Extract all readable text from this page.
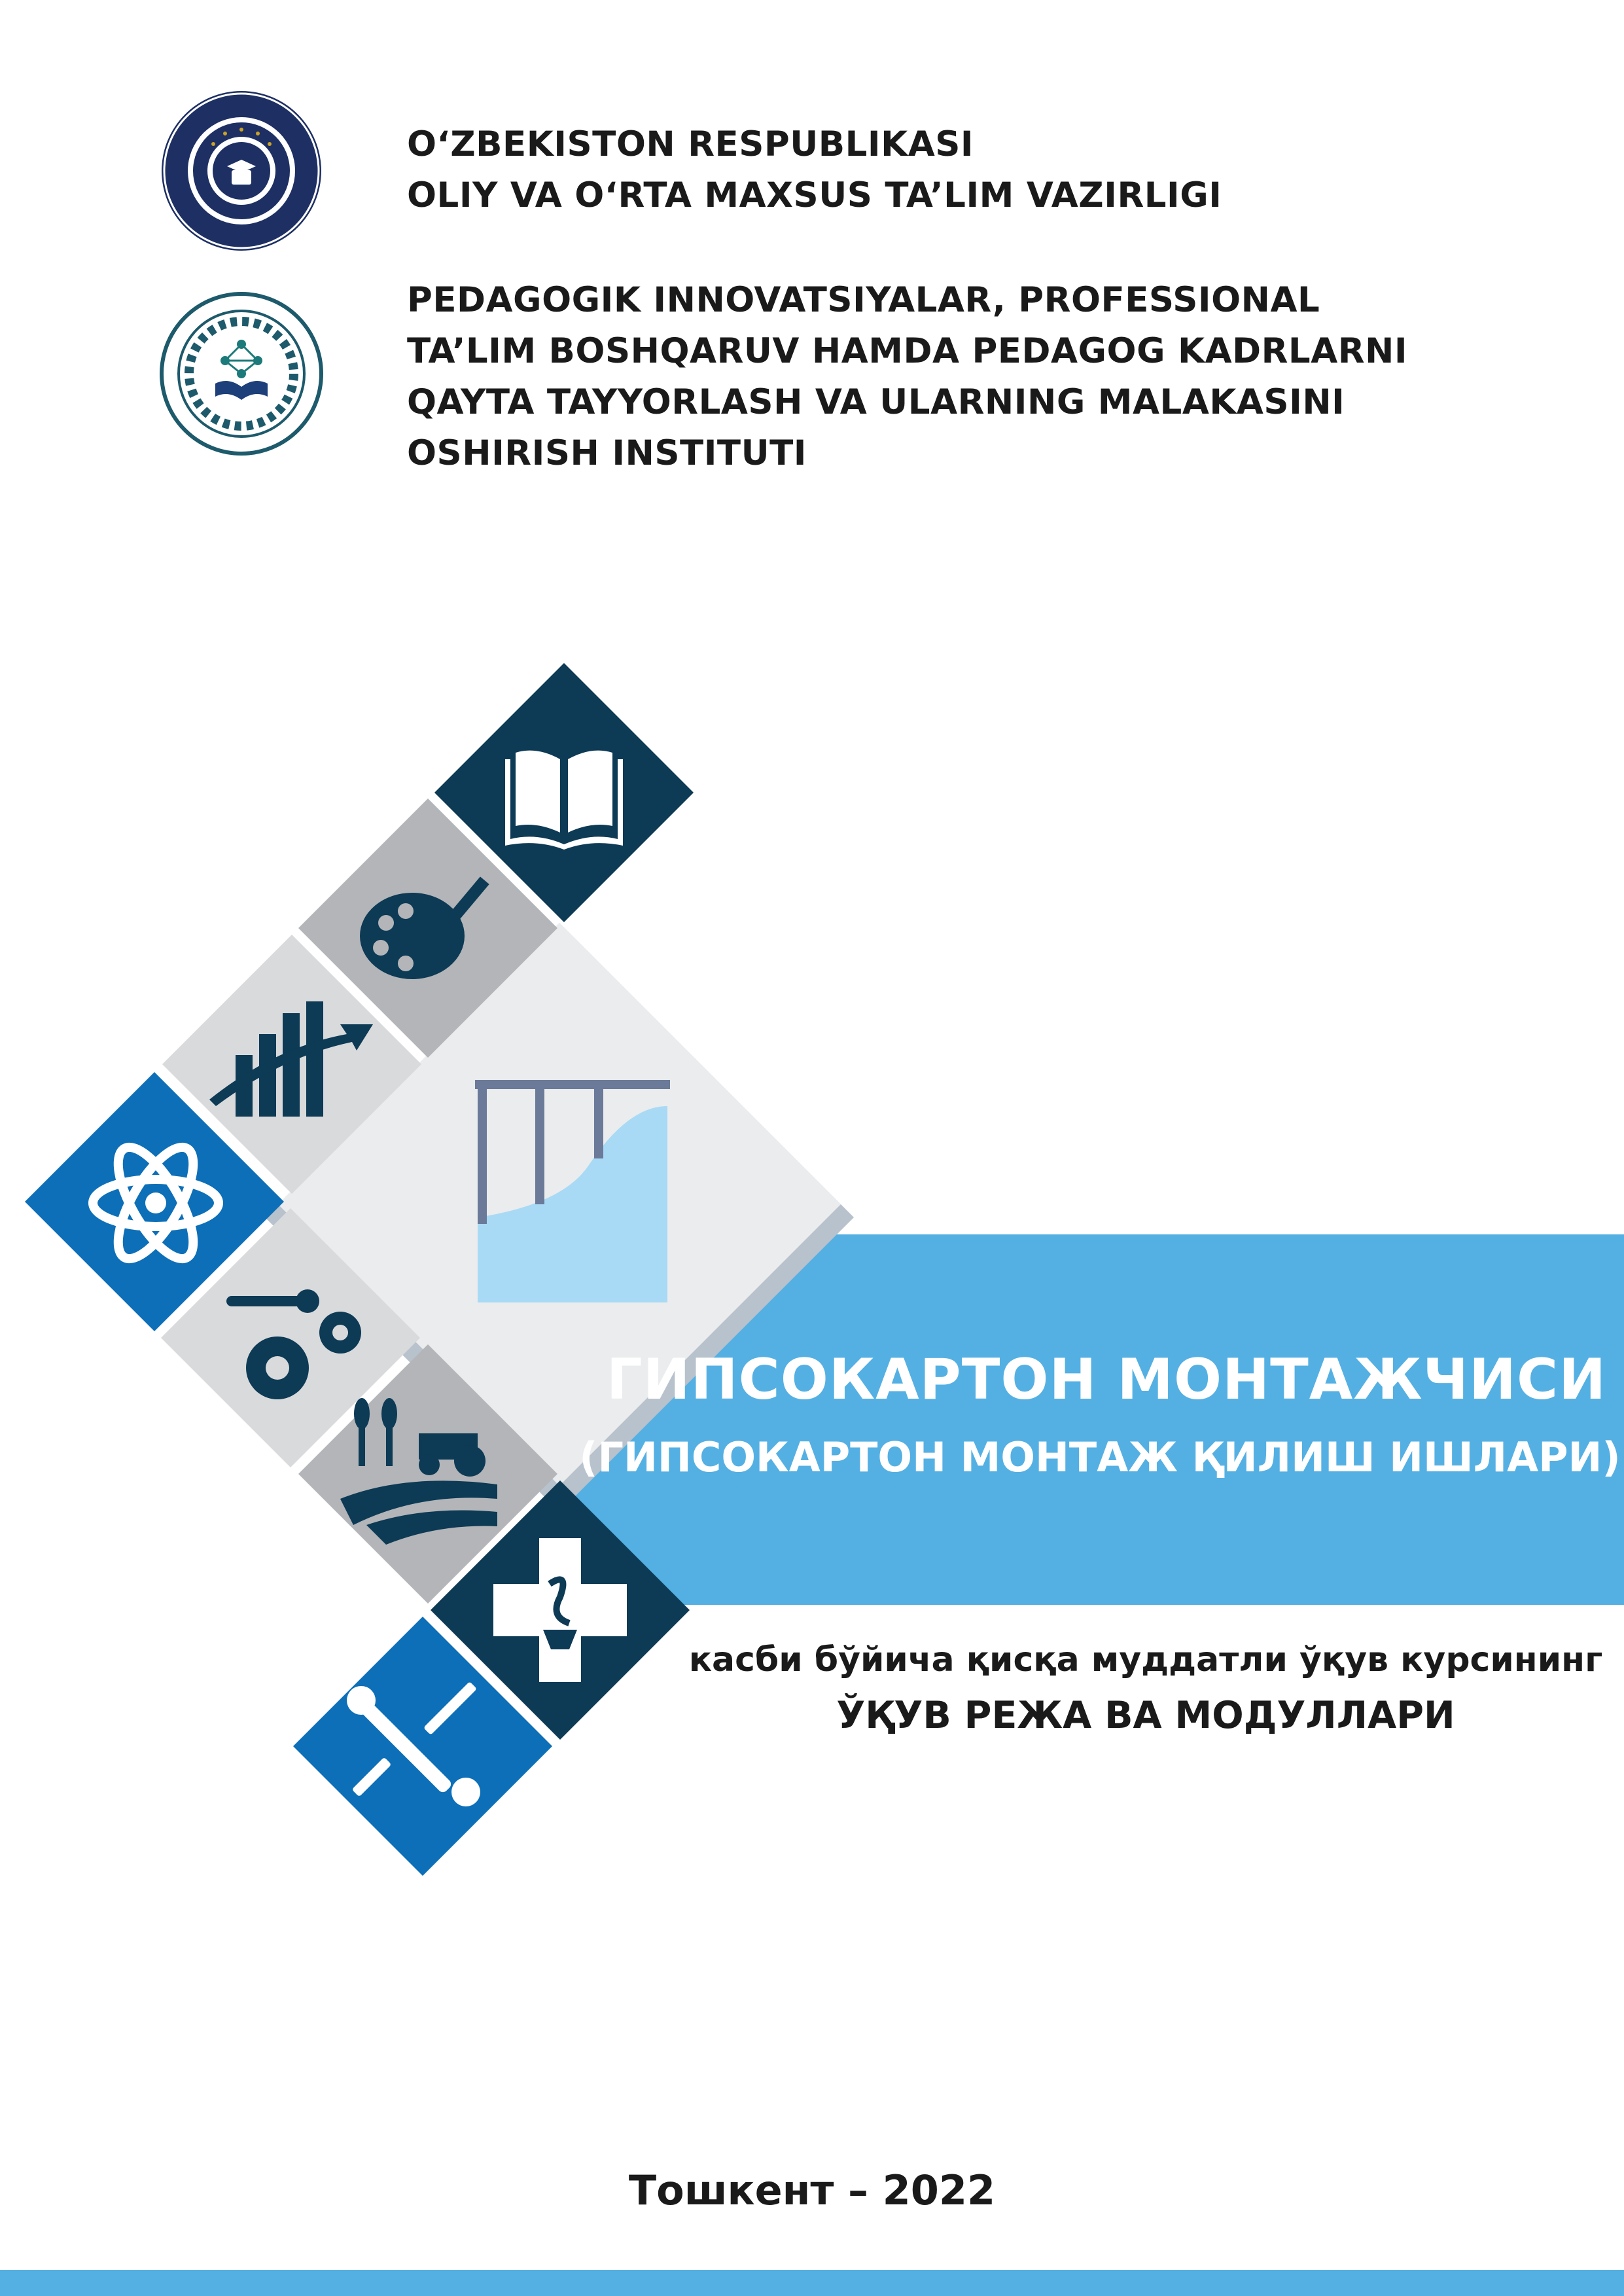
O‘ZBEKISTON RESPUBLIKASI
OLIY VA O‘RTA MAXSUS TA’LIM VAZIRLIGI
PEDAGOGIK INNOVATSIYALAR, PROFESSIONAL
TA’LIM BOSHQARUV HAMDA PEDAGOG KADRLARNI
QAYTA TAYYORLASH VA ULARNING MALAKASINI
OSHIRISH INSTITUTI
ГИПСОКАРТОН МОНТАЖЧИСИ
(ГИПСОКАРТОН МОНТАЖ ҚИЛИШ ИШЛАРИ)
касби бўйича қисқа муддатли ўқув курсининг
ЎҚУВ РЕЖА ВА МОДУЛЛАРИ
Тошкент – 2022
